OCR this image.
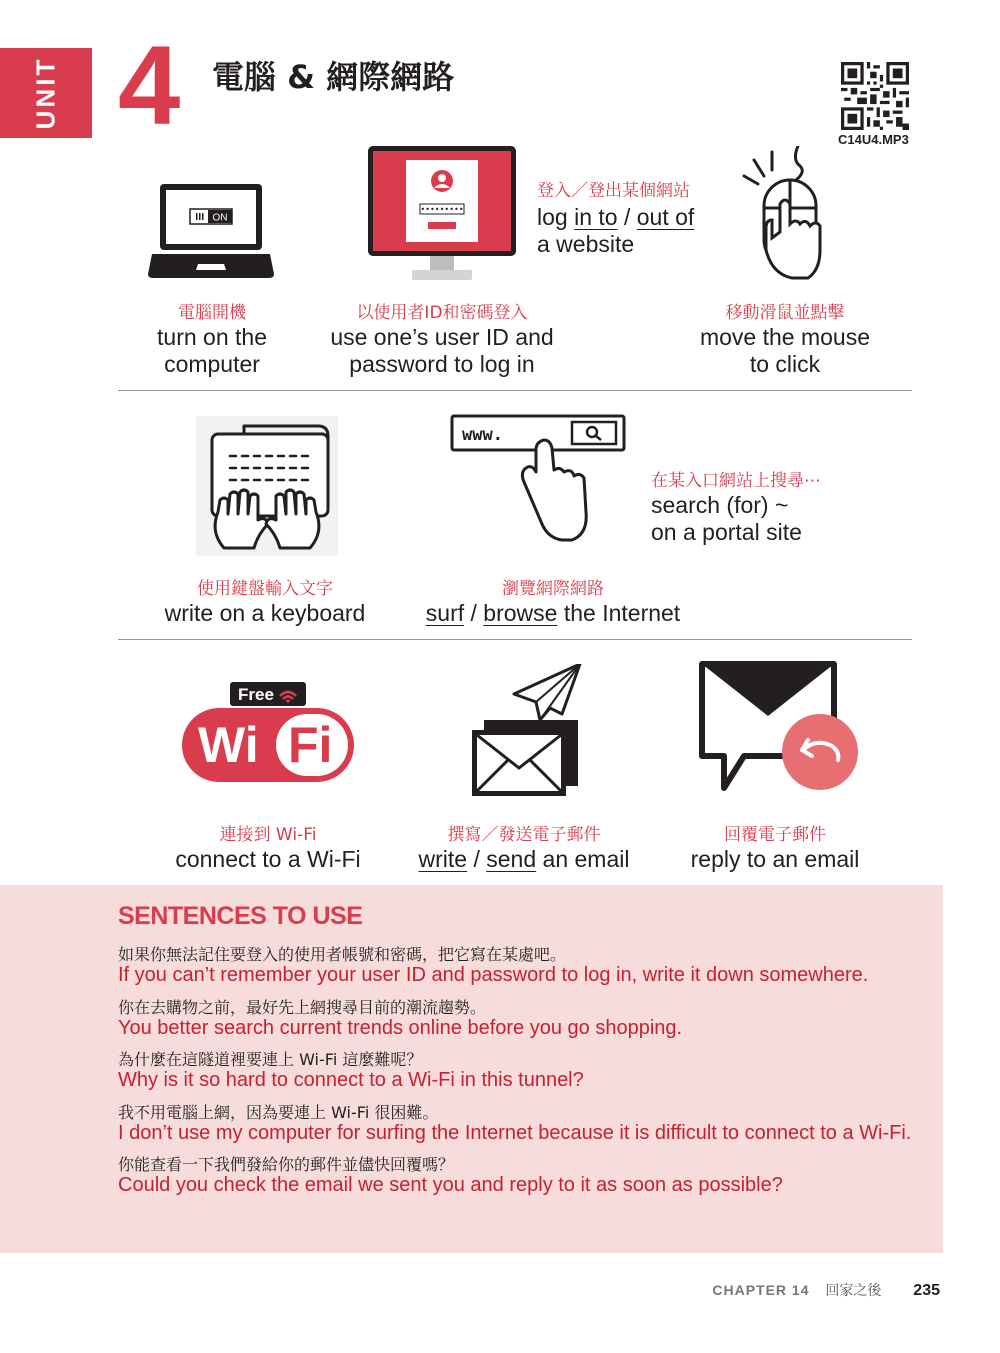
UNIT 4 電腦 & 網際網路
C14U4.MP3
ON
•••••••••
電腦開機
turn on the
computer
以使用者ID和密碼登入
use one’s user ID and
password to log in
登入／登出某個網站
log in to / out of
a website
移動滑鼠並點擊
move the mouse
to click
www.
在某入口網站上搜尋⋯
search (for) ~
on a portal site
使用鍵盤輸入文字
write on a keyboard
瀏覽網際網路
surf / browse the Internet
Free
Wi Fi
連接到 Wi-Fi
connect to a Wi-Fi
撰寫／發送電子郵件
write / send an email
回覆電子郵件
reply to an email
SENTENCES TO USE
如果你無法記住要登入的使用者帳號和密碼，把它寫在某處吧。
If you can’t remember your user ID and password to log in, write it down somewhere.
你在去購物之前，最好先上網搜尋目前的潮流趨勢。
You better search current trends online before you go shopping.
為什麼在這隧道裡要連上 Wi-Fi 這麼難呢？
Why is it so hard to connect to a Wi-Fi in this tunnel?
我不用電腦上網，因為要連上 Wi-Fi 很困難。
I don’t use my computer for surfing the Internet because it is difficult to connect to a Wi-Fi.
你能查看一下我們發給你的郵件並儘快回覆嗎？
Could you check the email we sent you and reply to it as soon as possible?
CHAPTER 14 回家之後 235
